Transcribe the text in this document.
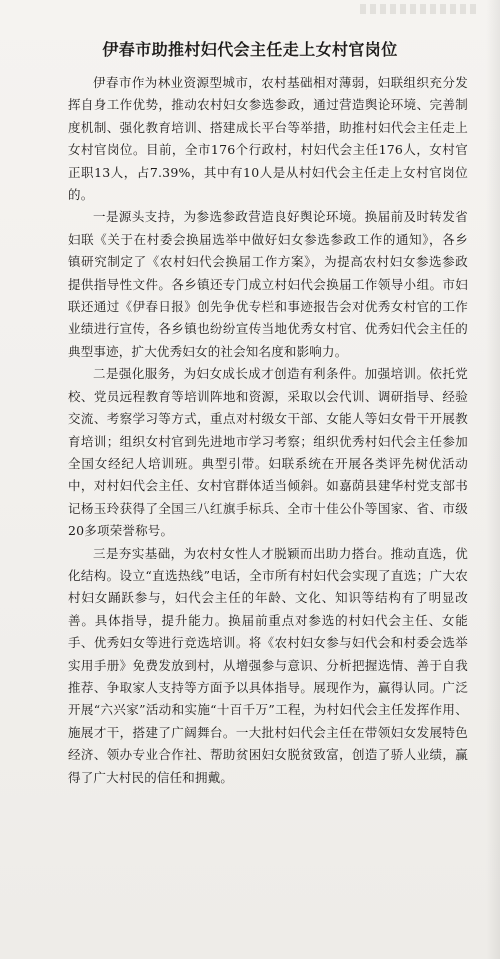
伊春市助推村妇代会主任走上女村官岗位

伊春市作为林业资源型城市，农村基础相对薄弱，妇联组织充分发挥自身工作优势，推动农村妇女参选参政，通过营造舆论环境、完善制度机制、强化教育培训、搭建成长平台等举措，助推村妇代会主任走上女村官岗位。目前，全市176个行政村，村妇代会主任176人，女村官正职13人，占7.39%，其中有10人是从村妇代会主任走上女村官岗位的。

一是源头支持，为参选参政营造良好舆论环境。换届前及时转发省妇联《关于在村委会换届选举中做好妇女参选参政工作的通知》，各乡镇研究制定了《农村妇代会换届工作方案》，为提高农村妇女参选参政提供指导性文件。各乡镇还专门成立村妇代会换届工作领导小组。市妇联还通过《伊春日报》创先争优专栏和事迹报告会对优秀女村官的工作业绩进行宣传，各乡镇也纷纷宣传当地优秀女村官、优秀妇代会主任的典型事迹，扩大优秀妇女的社会知名度和影响力。

二是强化服务，为妇女成长成才创造有利条件。加强培训。依托党校、党员远程教育等培训阵地和资源，采取以会代训、调研指导、经验交流、考察学习等方式，重点对村级女干部、女能人等妇女骨干开展教育培训；组织女村官到先进地市学习考察；组织优秀村妇代会主任参加全国女经纪人培训班。典型引带。妇联系统在开展各类评先树优活动中，对村妇代会主任、女村官群体适当倾斜。如嘉荫县建华村党支部书记杨玉玲获得了全国三八红旗手标兵、全市十佳公仆等国家、省、市级20多项荣誉称号。

三是夯实基础，为农村女性人才脱颖而出助力搭台。推动直选，优化结构。设立“直选热线”电话，全市所有村妇代会实现了直选；广大农村妇女踊跃参与，妇代会主任的年龄、文化、知识等结构有了明显改善。具体指导，提升能力。换届前重点对参选的村妇代会主任、女能手、优秀妇女等进行竞选培训。将《农村妇女参与妇代会和村委会选举实用手册》免费发放到村，从增强参与意识、分析把握选情、善于自我推荐、争取家人支持等方面予以具体指导。展现作为，赢得认同。广泛开展“六兴家”活动和实施“十百千万”工程，为村妇代会主任发挥作用、施展才干，搭建了广阔舞台。一大批村妇代会主任在带领妇女发展特色经济、领办专业合作社、帮助贫困妇女脱贫致富，创造了骄人业绩，赢得了广大村民的信任和拥戴。
